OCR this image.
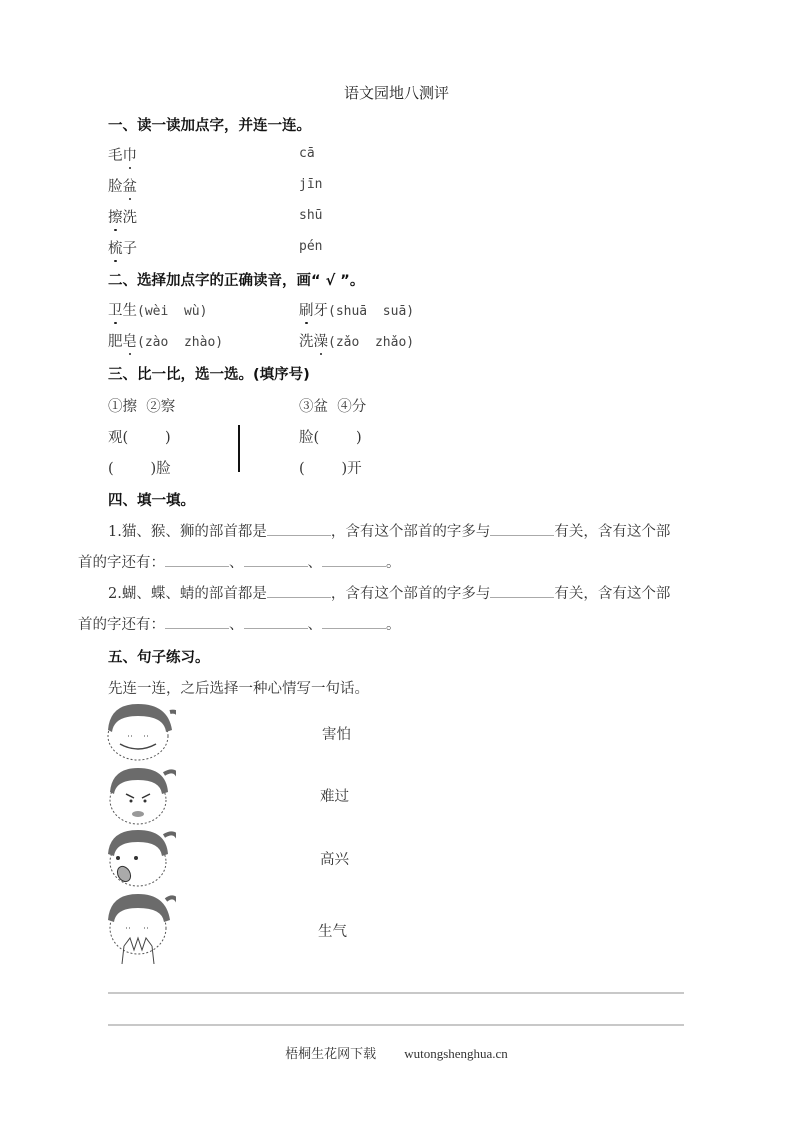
语文园地八测评
一、读一读加点字，并连一连。
毛巾
脸盆
擦洗
梳子
cā
jīn
shū
pén
二、选择加点字的正确读音，画“ √ ”。
卫生(wèi  wù)	刷牙(shuā  suā)
肥皂(zào  zhào)	洗澡(zǎo  zhǎo)
三、比一比，选一选。(填序号)
①擦  ②察
观(        )
(        )脸
③盆  ④分
脸(        )
(        )开
四、填一填。
1.猫、猴、狮的部首都是	，含有这个部首的字多与	有关，含有这个部
首的字还有：	、	、	。
2.蝴、蝶、蜻的部首都是	，含有这个部首的字多与	有关，含有这个部
首的字还有：	、	、	。
五、句子练习。
先连一连，之后选择一种心情写一句话。
害怕
难过
高兴
生气
梧桐生花网下载 wutongshenghua.cn
